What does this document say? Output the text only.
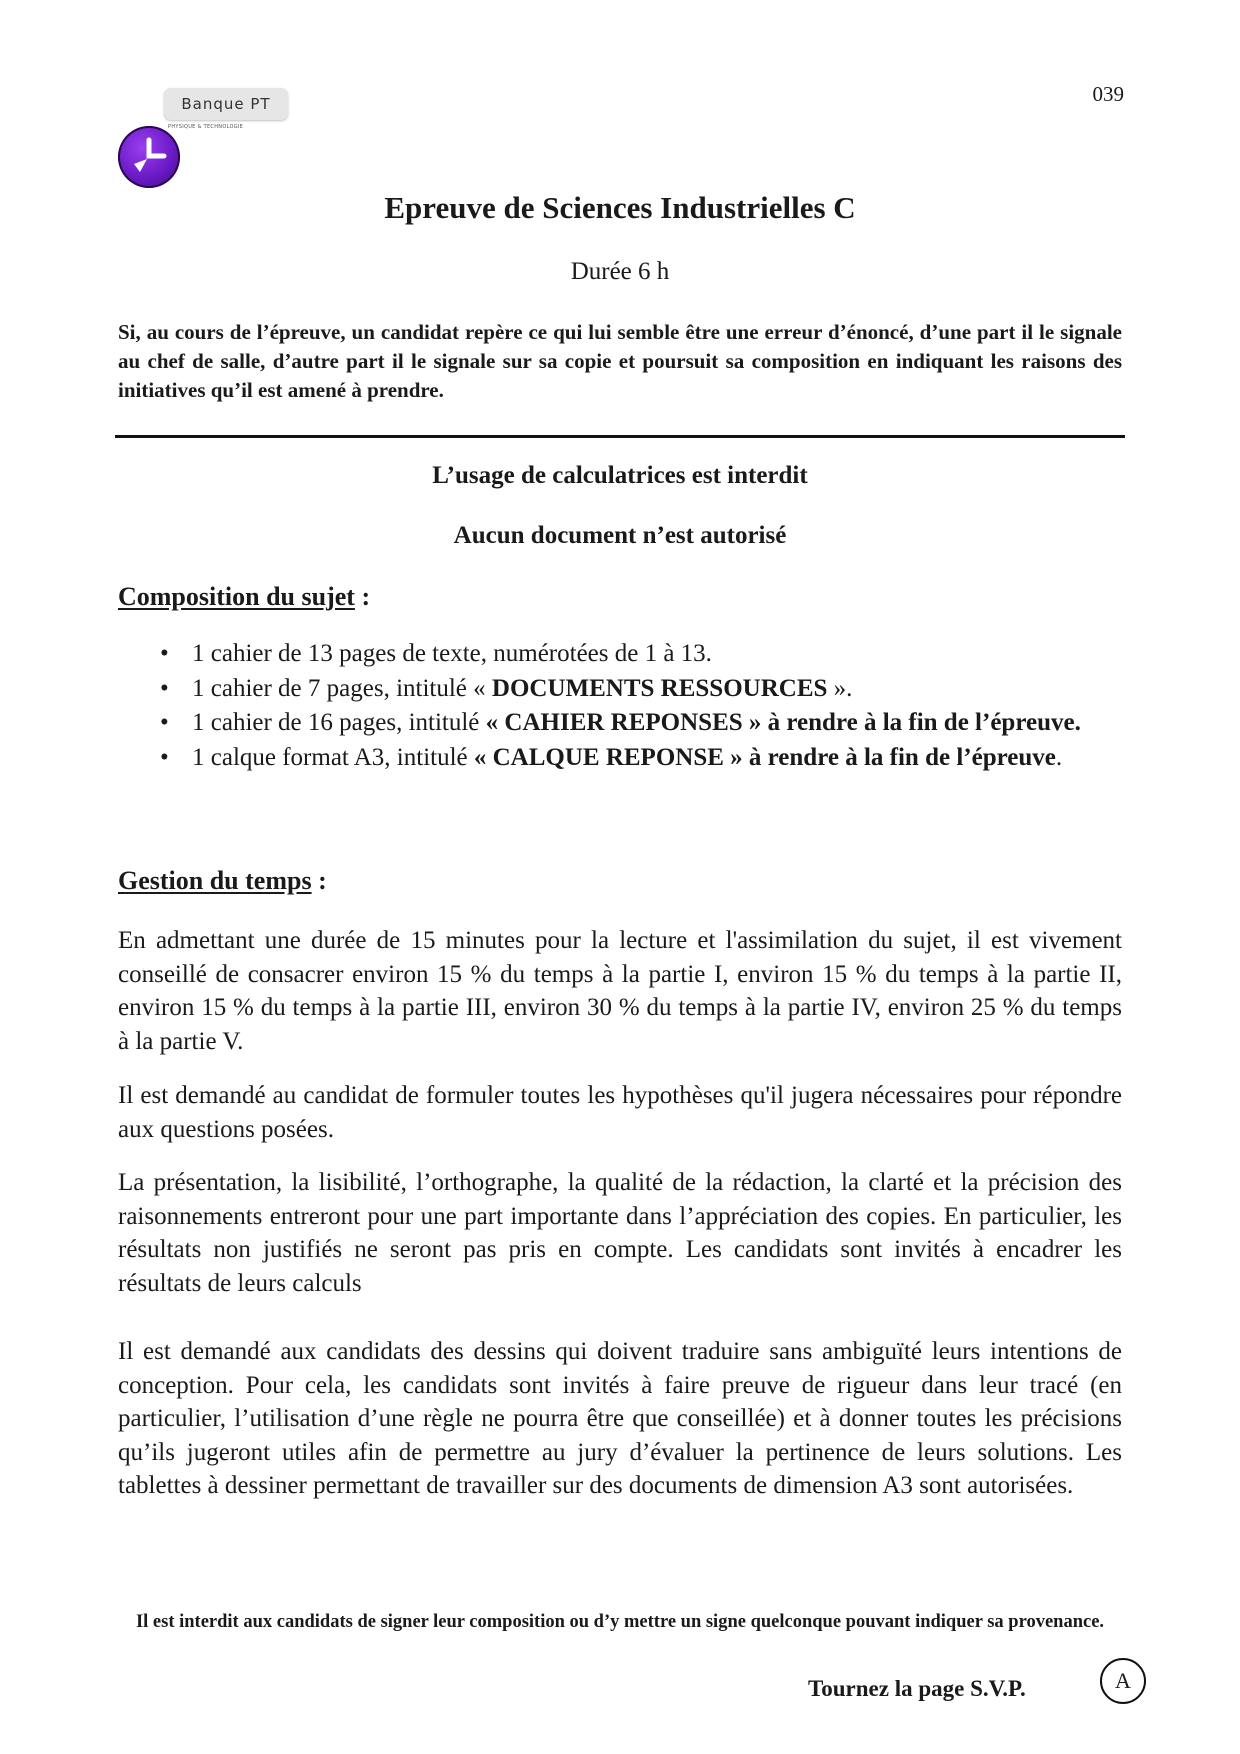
Banque PT
PHYSIQUE & TECHNOLOGIE
039
Epreuve de Sciences Industrielles C
Durée 6 h
Si, au cours de l’épreuve, un candidat repère ce qui lui semble être une erreur d’énoncé, d’une part il le signale au chef de salle, d’autre part il le signale sur sa copie et poursuit sa composition en indiquant les raisons des initiatives qu’il est amené à prendre.
L’usage de calculatrices est interdit
Aucun document n’est autorisé
Composition du sujet :
• 1 cahier de 13 pages de texte, numérotées de 1 à 13.
• 1 cahier de 7 pages, intitulé « DOCUMENTS RESSOURCES ».
• 1 cahier de 16 pages, intitulé « CAHIER REPONSES » à rendre à la fin de l’épreuve.
• 1 calque format A3, intitulé « CALQUE REPONSE » à rendre à la fin de l’épreuve.
Gestion du temps :
En admettant une durée de 15 minutes pour la lecture et l'assimilation du sujet, il est vivement conseillé de consacrer environ 15 % du temps à la partie I, environ 15 % du temps à la partie II, environ 15 % du temps à la partie III, environ 30 % du temps à la partie IV, environ 25 % du temps à la partie V.
Il est demandé au candidat de formuler toutes les hypothèses qu'il jugera nécessaires pour répondre aux questions posées.
La présentation, la lisibilité, l’orthographe, la qualité de la rédaction, la clarté et la précision des raisonnements entreront pour une part importante dans l’appréciation des copies. En particulier, les résultats non justifiés ne seront pas pris en compte. Les candidats sont invités à encadrer les résultats de leurs calculs
Il est demandé aux candidats des dessins qui doivent traduire sans ambiguïté leurs intentions de conception. Pour cela, les candidats sont invités à faire preuve de rigueur dans leur tracé (en particulier, l’utilisation d’une règle ne pourra être que conseillée) et à donner toutes les précisions qu’ils jugeront utiles afin de permettre au jury d’évaluer la pertinence de leurs solutions. Les tablettes à dessiner permettant de travailler sur des documents de dimension A3 sont autorisées.
Il est interdit aux candidats de signer leur composition ou d’y mettre un signe quelconque pouvant indiquer sa provenance.
Tournez la page S.V.P.	A
